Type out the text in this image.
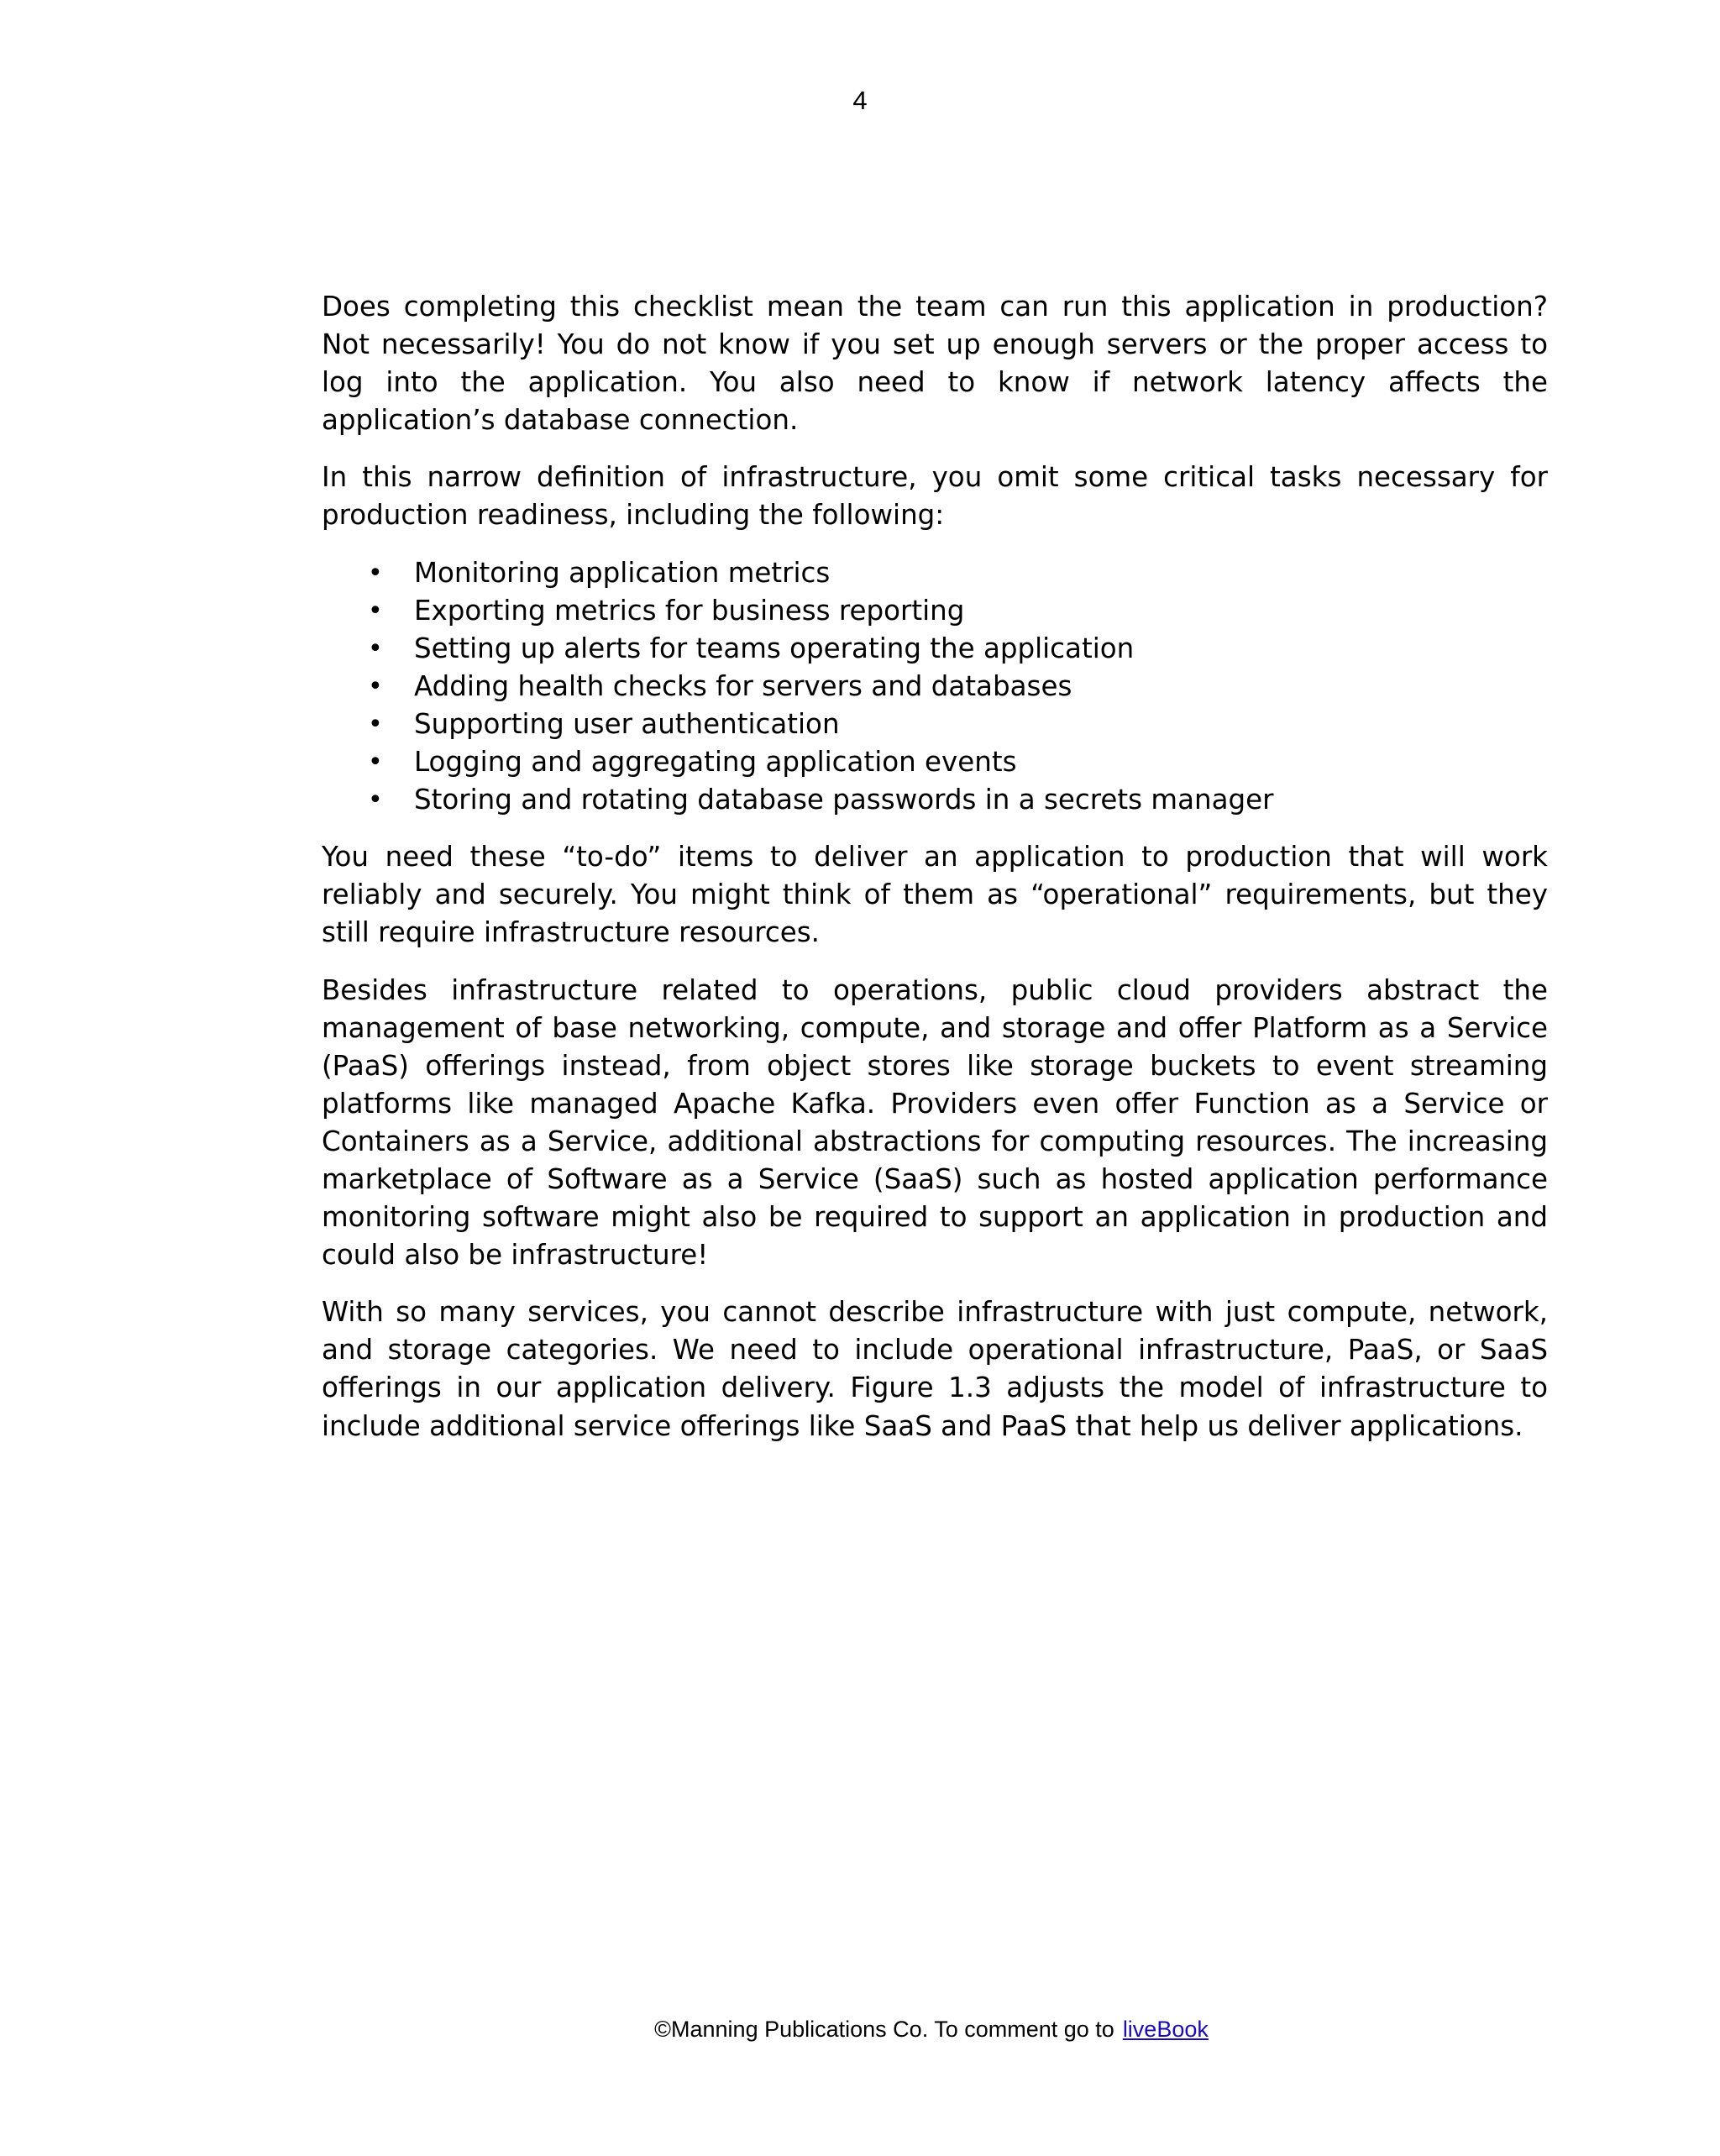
4

Does completing this checklist mean the team can run this application in production? Not necessarily! You do not know if you set up enough servers or the proper access to log into the application. You also need to know if network latency affects the application’s database connection.

In this narrow definition of infrastructure, you omit some critical tasks necessary for production readiness, including the following:

• Monitoring application metrics
• Exporting metrics for business reporting
• Setting up alerts for teams operating the application
• Adding health checks for servers and databases
• Supporting user authentication
• Logging and aggregating application events
• Storing and rotating database passwords in a secrets manager

You need these “to-do” items to deliver an application to production that will work reliably and securely. You might think of them as “operational” requirements, but they still require infrastructure resources.

Besides infrastructure related to operations, public cloud providers abstract the management of base networking, compute, and storage and offer Platform as a Service (PaaS) offerings instead, from object stores like storage buckets to event streaming platforms like managed Apache Kafka. Providers even offer Function as a Service or Containers as a Service, additional abstractions for computing resources. The increasing marketplace of Software as a Service (SaaS) such as hosted application performance monitoring software might also be required to support an application in production and could also be infrastructure!

With so many services, you cannot describe infrastructure with just compute, network, and storage categories. We need to include operational infrastructure, PaaS, or SaaS offerings in our application delivery. Figure 1.3 adjusts the model of infrastructure to include additional service offerings like SaaS and PaaS that help us deliver applications.

©Manning Publications Co. To comment go to liveBook
